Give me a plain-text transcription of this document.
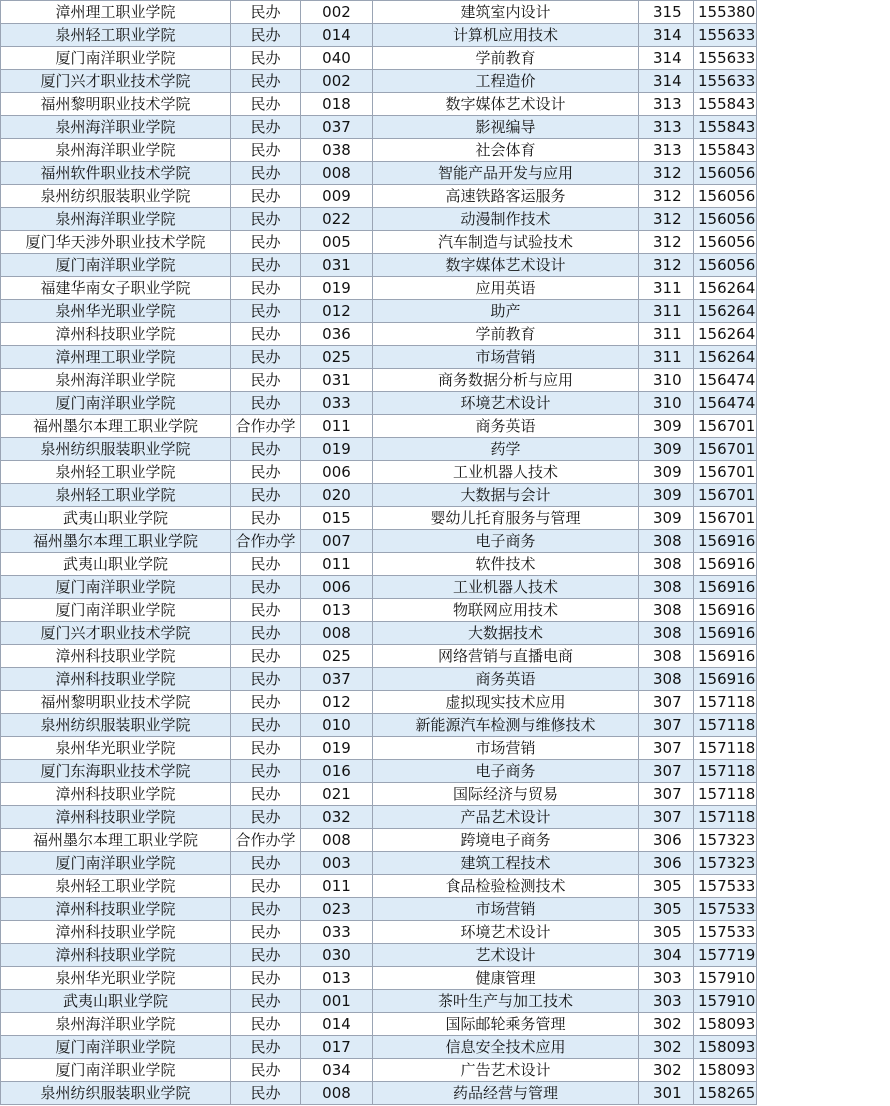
漳州理工职业学院	民办	002	建筑室内设计	315	155380
泉州轻工职业学院	民办	014	计算机应用技术	314	155633
厦门南洋职业学院	民办	040	学前教育	314	155633
厦门兴才职业技术学院	民办	002	工程造价	314	155633
福州黎明职业技术学院	民办	018	数字媒体艺术设计	313	155843
泉州海洋职业学院	民办	037	影视编导	313	155843
泉州海洋职业学院	民办	038	社会体育	313	155843
福州软件职业技术学院	民办	008	智能产品开发与应用	312	156056
泉州纺织服装职业学院	民办	009	高速铁路客运服务	312	156056
泉州海洋职业学院	民办	022	动漫制作技术	312	156056
厦门华天涉外职业技术学院	民办	005	汽车制造与试验技术	312	156056
厦门南洋职业学院	民办	031	数字媒体艺术设计	312	156056
福建华南女子职业学院	民办	019	应用英语	311	156264
泉州华光职业学院	民办	012	助产	311	156264
漳州科技职业学院	民办	036	学前教育	311	156264
漳州理工职业学院	民办	025	市场营销	311	156264
泉州海洋职业学院	民办	031	商务数据分析与应用	310	156474
厦门南洋职业学院	民办	033	环境艺术设计	310	156474
福州墨尔本理工职业学院	合作办学	011	商务英语	309	156701
泉州纺织服装职业学院	民办	019	药学	309	156701
泉州轻工职业学院	民办	006	工业机器人技术	309	156701
泉州轻工职业学院	民办	020	大数据与会计	309	156701
武夷山职业学院	民办	015	婴幼儿托育服务与管理	309	156701
福州墨尔本理工职业学院	合作办学	007	电子商务	308	156916
武夷山职业学院	民办	011	软件技术	308	156916
厦门南洋职业学院	民办	006	工业机器人技术	308	156916
厦门南洋职业学院	民办	013	物联网应用技术	308	156916
厦门兴才职业技术学院	民办	008	大数据技术	308	156916
漳州科技职业学院	民办	025	网络营销与直播电商	308	156916
漳州科技职业学院	民办	037	商务英语	308	156916
福州黎明职业技术学院	民办	012	虚拟现实技术应用	307	157118
泉州纺织服装职业学院	民办	010	新能源汽车检测与维修技术	307	157118
泉州华光职业学院	民办	019	市场营销	307	157118
厦门东海职业技术学院	民办	016	电子商务	307	157118
漳州科技职业学院	民办	021	国际经济与贸易	307	157118
漳州科技职业学院	民办	032	产品艺术设计	307	157118
福州墨尔本理工职业学院	合作办学	008	跨境电子商务	306	157323
厦门南洋职业学院	民办	003	建筑工程技术	306	157323
泉州轻工职业学院	民办	011	食品检验检测技术	305	157533
漳州科技职业学院	民办	023	市场营销	305	157533
漳州科技职业学院	民办	033	环境艺术设计	305	157533
漳州科技职业学院	民办	030	艺术设计	304	157719
泉州华光职业学院	民办	013	健康管理	303	157910
武夷山职业学院	民办	001	茶叶生产与加工技术	303	157910
泉州海洋职业学院	民办	014	国际邮轮乘务管理	302	158093
厦门南洋职业学院	民办	017	信息安全技术应用	302	158093
厦门南洋职业学院	民办	034	广告艺术设计	302	158093
泉州纺织服装职业学院	民办	008	药品经营与管理	301	158265
